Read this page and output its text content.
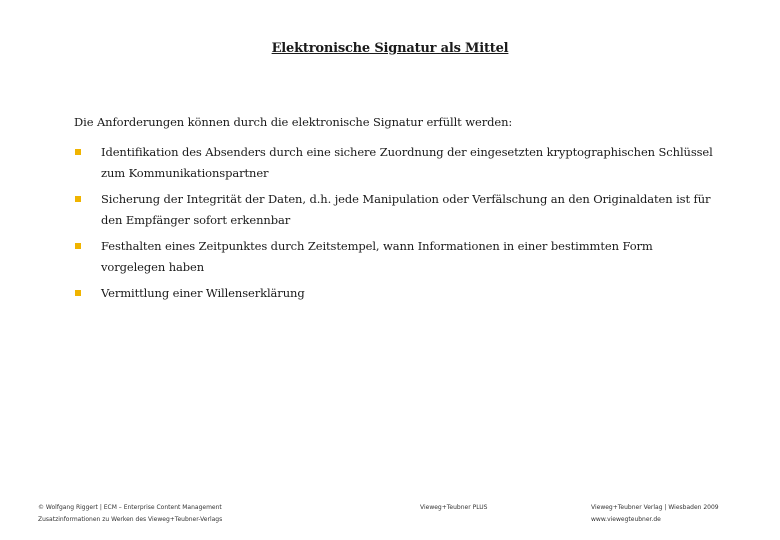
Elektronische Signatur als Mittel

Die Anforderungen können durch die elektronische Signatur erfüllt werden:

Identifikation des Absenders durch eine sichere Zuordnung der eingesetzten kryptographischen Schlüssel zum Kommunikationspartner
Sicherung der Integrität der Daten, d.h. jede Manipulation oder Verfälschung an den Originaldaten ist für den Empfänger sofort erkennbar
Festhalten eines Zeitpunktes durch Zeitstempel, wann Informationen in einer bestimmten Form vorgelegen haben
Vermittlung einer Willenserklärung
© Wolfgang Riggert | ECM – Enterprise Content Management
Zusatzinformationen zu Werken des Vieweg+Teubner-Verlags
Vieweg+Teubner PLUS	Vieweg+Teubner Verlag | Wiesbaden 2009
www.viewegteubner.de
